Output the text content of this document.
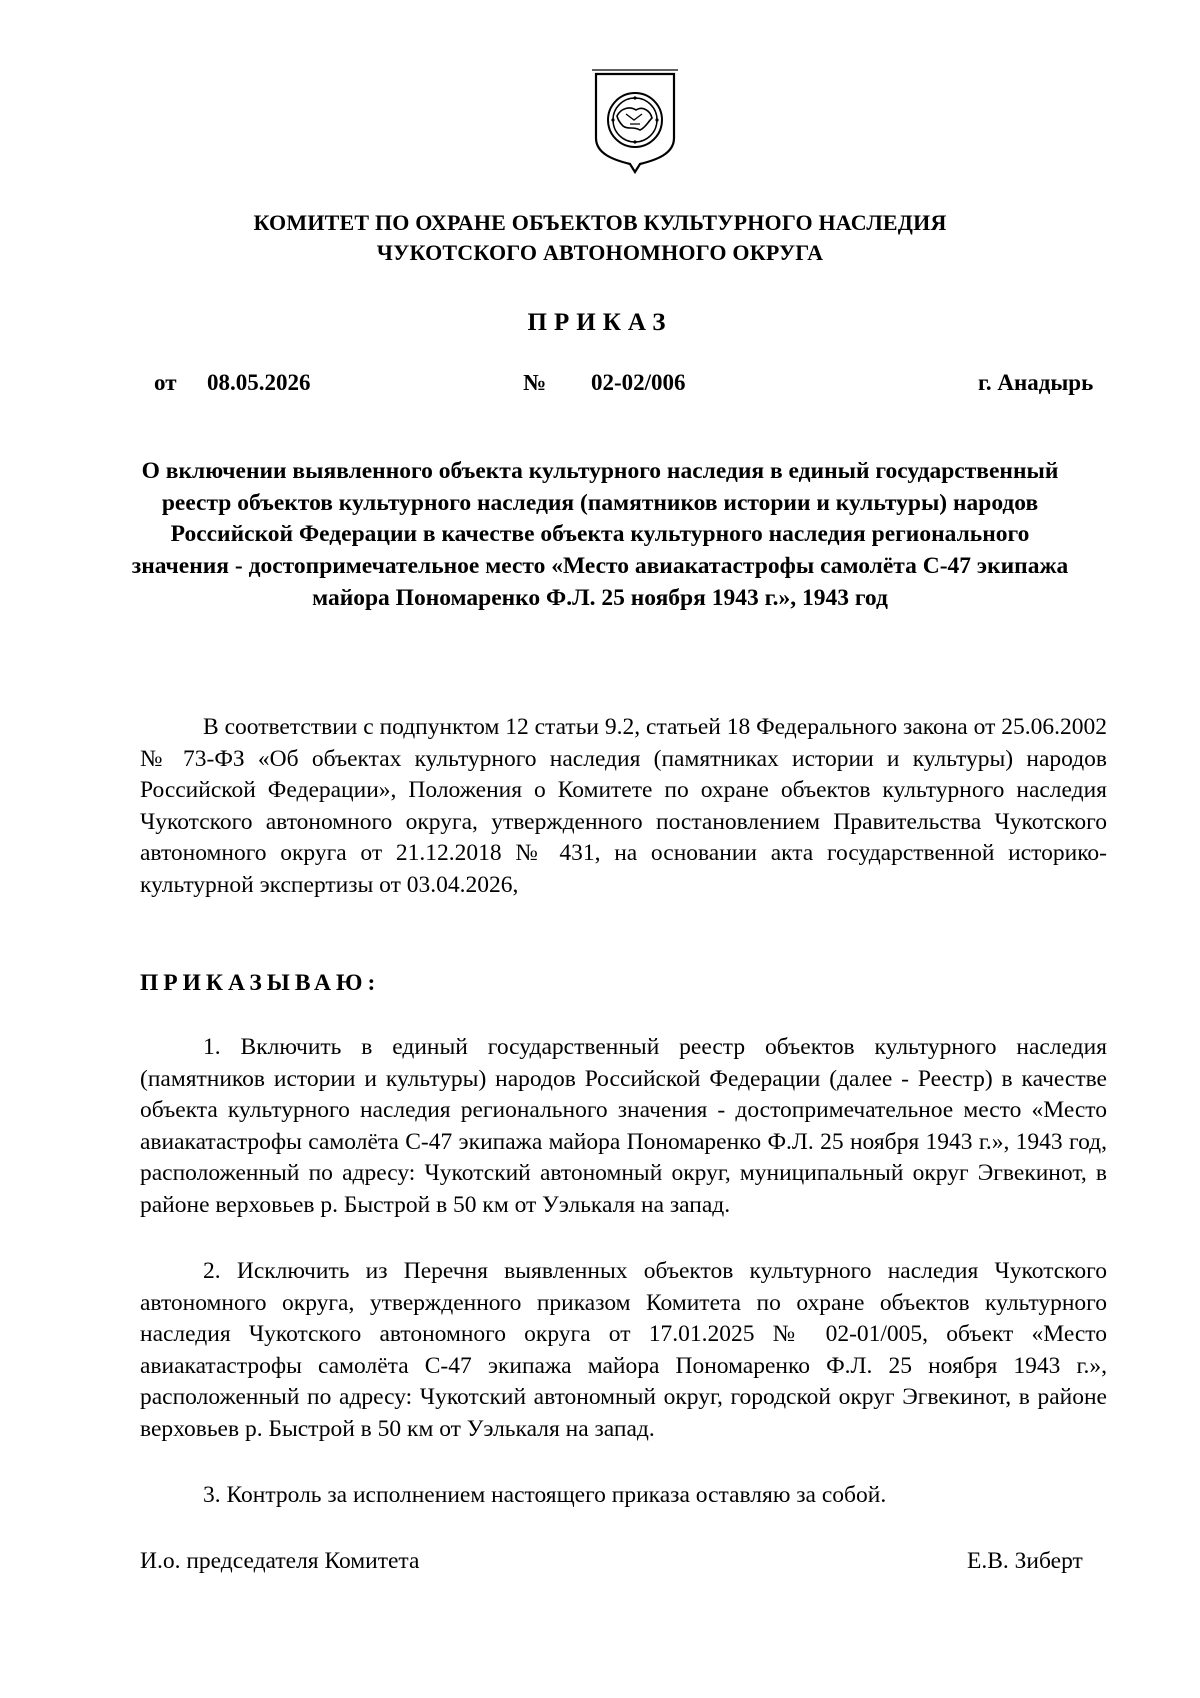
КОМИТЕТ ПО ОХРАНЕ ОБЪЕКТОВ КУЛЬТУРНОГО НАСЛЕДИЯ
ЧУКОТСКОГО АВТОНОМНОГО ОКРУГА
ПРИКАЗ
от 08.05.2026	№ 02-02/006	г. Анадырь
О включении выявленного объекта культурного наследия в единый государственный реестр объектов культурного наследия (памятников истории и культуры) народов Российской Федерации в качестве объекта культурного наследия регионального значения - достопримечательное место «Место авиакатастрофы самолёта С-47 экипажа майора Пономаренко Ф.Л. 25 ноября 1943 г.», 1943 год
В соответствии с подпунктом 12 статьи 9.2, статьей 18 Федерального закона от 25.06.2002 № 73-ФЗ «Об объектах культурного наследия (памятниках истории и культуры) народов Российской Федерации», Положения о Комитете по охране объектов культурного наследия Чукотского автономного округа, утвержденного постановлением Правительства Чукотского автономного округа от 21.12.2018 № 431, на основании акта государственной историко-культурной экспертизы от 03.04.2026,
ПРИКАЗЫВАЮ:
1. Включить в единый государственный реестр объектов культурного наследия (памятников истории и культуры) народов Российской Федерации (далее - Реестр) в качестве объекта культурного наследия регионального значения - достопримечательное место «Место авиакатастрофы самолёта С-47 экипажа майора Пономаренко Ф.Л. 25 ноября 1943 г.», 1943 год, расположенный по адресу: Чукотский автономный округ, муниципальный округ Эгвекинот, в районе верховьев р. Быстрой в 50 км от Уэлькаля на запад.
2. Исключить из Перечня выявленных объектов культурного наследия Чукотского автономного округа, утвержденного приказом Комитета по охране объектов культурного наследия Чукотского автономного округа от 17.01.2025 № 02-01/005, объект «Место авиакатастрофы самолёта С-47 экипажа майора Пономаренко Ф.Л. 25 ноября 1943 г.», расположенный по адресу: Чукотский автономный округ, городской округ Эгвекинот, в районе верховьев р. Быстрой в 50 км от Уэлькаля на запад.
3. Контроль за исполнением настоящего приказа оставляю за собой.
И.о. председателя Комитета	Е.В. Зиберт
